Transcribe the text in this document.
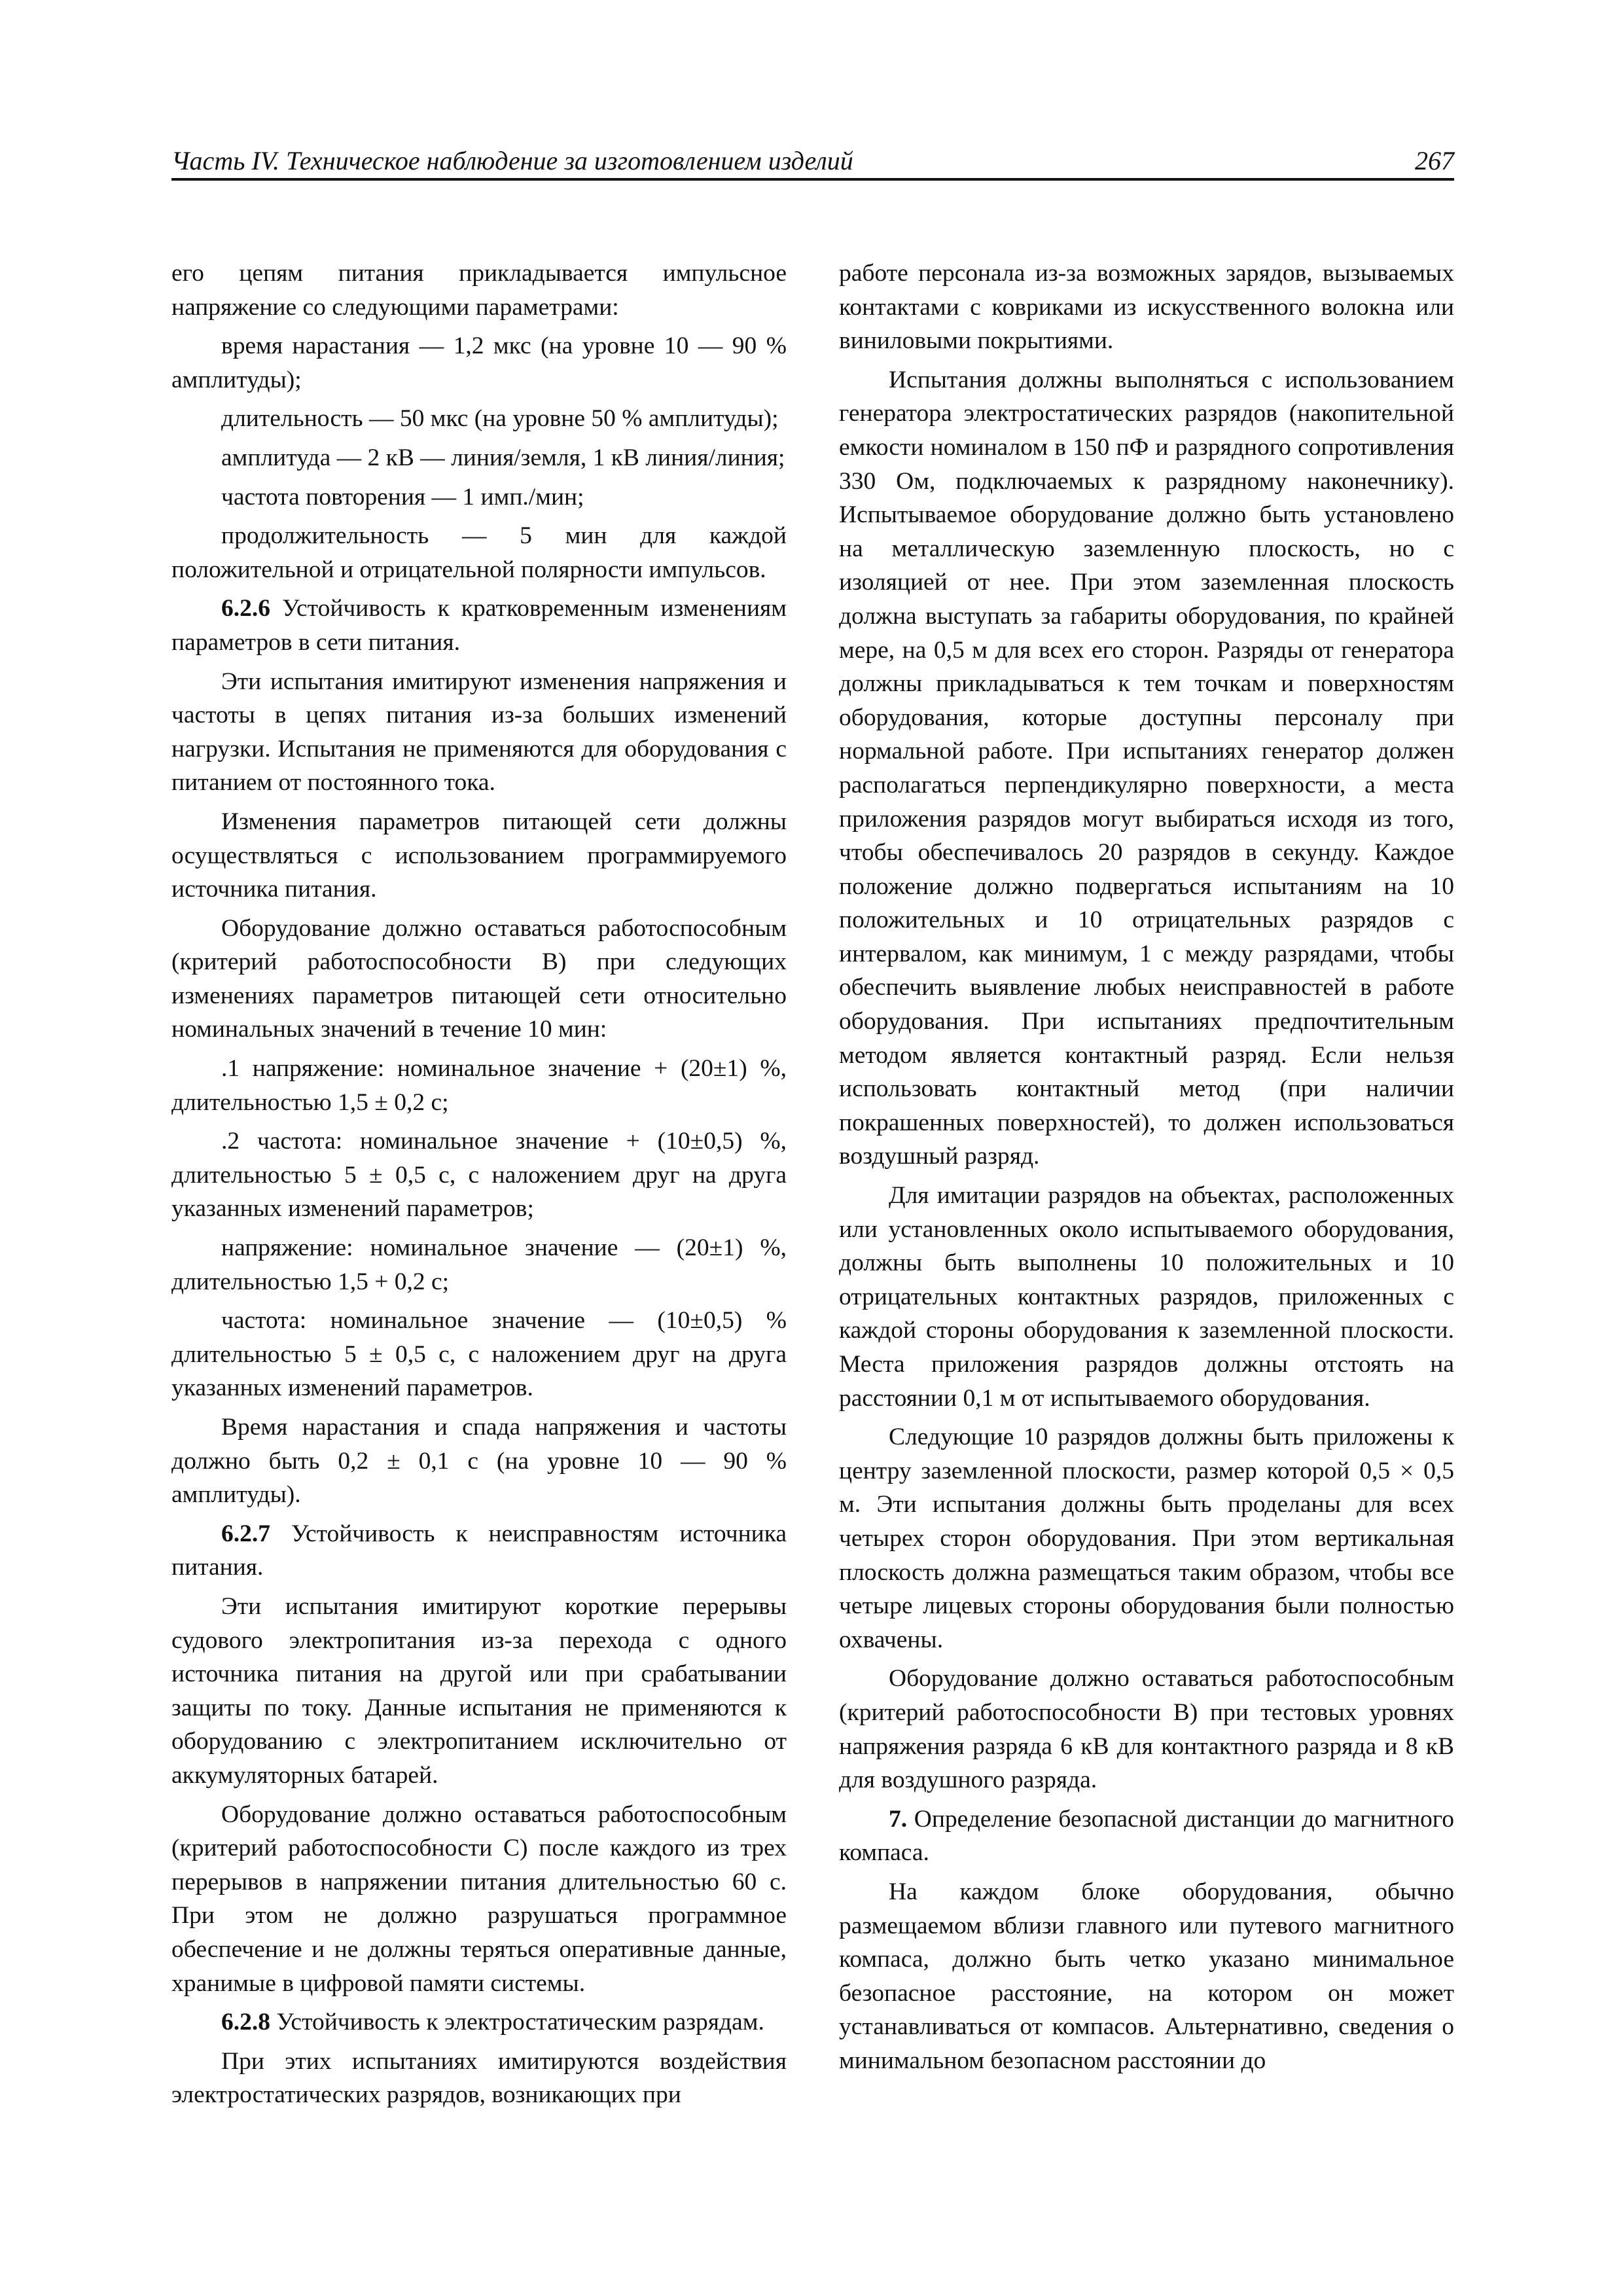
Часть IV. Техническое наблюдение за изготовлением изделий	267

его цепям питания прикладывается импульсное напряжение со следующими параметрами:

время нарастания — 1,2 мкс (на уровне 10 — 90 % амплитуды);

длительность — 50 мкс (на уровне 50 % амплитуды);

амплитуда — 2 кВ — линия/земля, 1 кВ линия/линия;

частота повторения — 1 имп./мин;

продолжительность — 5 мин для каждой положительной и отрицательной полярности импульсов.

6.2.6 Устойчивость к кратковременным изменениям параметров в сети питания.

Эти испытания имитируют изменения напряжения и частоты в цепях питания из-за больших изменений нагрузки. Испытания не применяются для оборудования с питанием от постоянного тока.

Изменения параметров питающей сети должны осуществляться с использованием программируемого источника питания.

Оборудование должно оставаться работоспособным (критерий работоспособности B) при следующих изменениях параметров питающей сети относительно номинальных значений в течение 10 мин:

.1 напряжение: номинальное значение + (20±1) %, длительностью 1,5 ± 0,2 с;

.2 частота: номинальное значение + (10±0,5) %, длительностью 5 ± 0,5 с, с наложением друг на друга указанных изменений параметров;

напряжение: номинальное значение — (20±1) %, длительностью 1,5 + 0,2 с;

частота: номинальное значение — (10±0,5) % длительностью 5 ± 0,5 с, с наложением друг на друга указанных изменений параметров.

Время нарастания и спада напряжения и частоты должно быть 0,2 ± 0,1 с (на уровне 10 — 90 % амплитуды).

6.2.7 Устойчивость к неисправностям источника питания.

Эти испытания имитируют короткие перерывы судового электропитания из-за перехода с одного источника питания на другой или при срабатывании защиты по току. Данные испытания не применяются к оборудованию с электропитанием исключительно от аккумуляторных батарей.

Оборудование должно оставаться работоспособным (критерий работоспособности C) после каждого из трех перерывов в напряжении питания длительностью 60 с. При этом не должно разрушаться программное обеспечение и не должны теряться оперативные данные, хранимые в цифровой памяти системы.

6.2.8 Устойчивость к электростатическим разрядам.

При этих испытаниях имитируются воздействия электростатических разрядов, возникающих при

работе персонала из-за возможных зарядов, вызываемых контактами с ковриками из искусственного волокна или виниловыми покрытиями.

Испытания должны выполняться с использованием генератора электростатических разрядов (накопительной емкости номиналом в 150 пФ и разрядного сопротивления 330 Ом, подключаемых к разрядному наконечнику). Испытываемое оборудование должно быть установлено на металлическую заземленную плоскость, но с изоляцией от нее. При этом заземленная плоскость должна выступать за габариты оборудования, по крайней мере, на 0,5 м для всех его сторон. Разряды от генератора должны прикладываться к тем точкам и поверхностям оборудования, которые доступны персоналу при нормальной работе. При испытаниях генератор должен располагаться перпендикулярно поверхности, а места приложения разрядов могут выбираться исходя из того, чтобы обеспечивалось 20 разрядов в секунду. Каждое положение должно подвергаться испытаниям на 10 положительных и 10 отрицательных разрядов с интервалом, как минимум, 1 с между разрядами, чтобы обеспечить выявление любых неисправностей в работе оборудования. При испытаниях предпочтительным методом является контактный разряд. Если нельзя использовать контактный метод (при наличии покрашенных поверхностей), то должен использоваться воздушный разряд.

Для имитации разрядов на объектах, расположенных или установленных около испытываемого оборудования, должны быть выполнены 10 положительных и 10 отрицательных контактных разрядов, приложенных с каждой стороны оборудования к заземленной плоскости. Места приложения разрядов должны отстоять на расстоянии 0,1 м от испытываемого оборудования.

Следующие 10 разрядов должны быть приложены к центру заземленной плоскости, размер которой 0,5 × 0,5 м. Эти испытания должны быть проделаны для всех четырех сторон оборудования. При этом вертикальная плоскость должна размещаться таким образом, чтобы все четыре лицевых стороны оборудования были полностью охвачены.

Оборудование должно оставаться работоспособным (критерий работоспособности B) при тестовых уровнях напряжения разряда 6 кВ для контактного разряда и 8 кВ для воздушного разряда.

7. Определение безопасной дистанции до магнитного компаса.

На каждом блоке оборудования, обычно размещаемом вблизи главного или путевого магнитного компаса, должно быть четко указано минимальное безопасное расстояние, на котором он может устанавливаться от компасов. Альтернативно, сведения о минимальном безопасном расстоянии до
